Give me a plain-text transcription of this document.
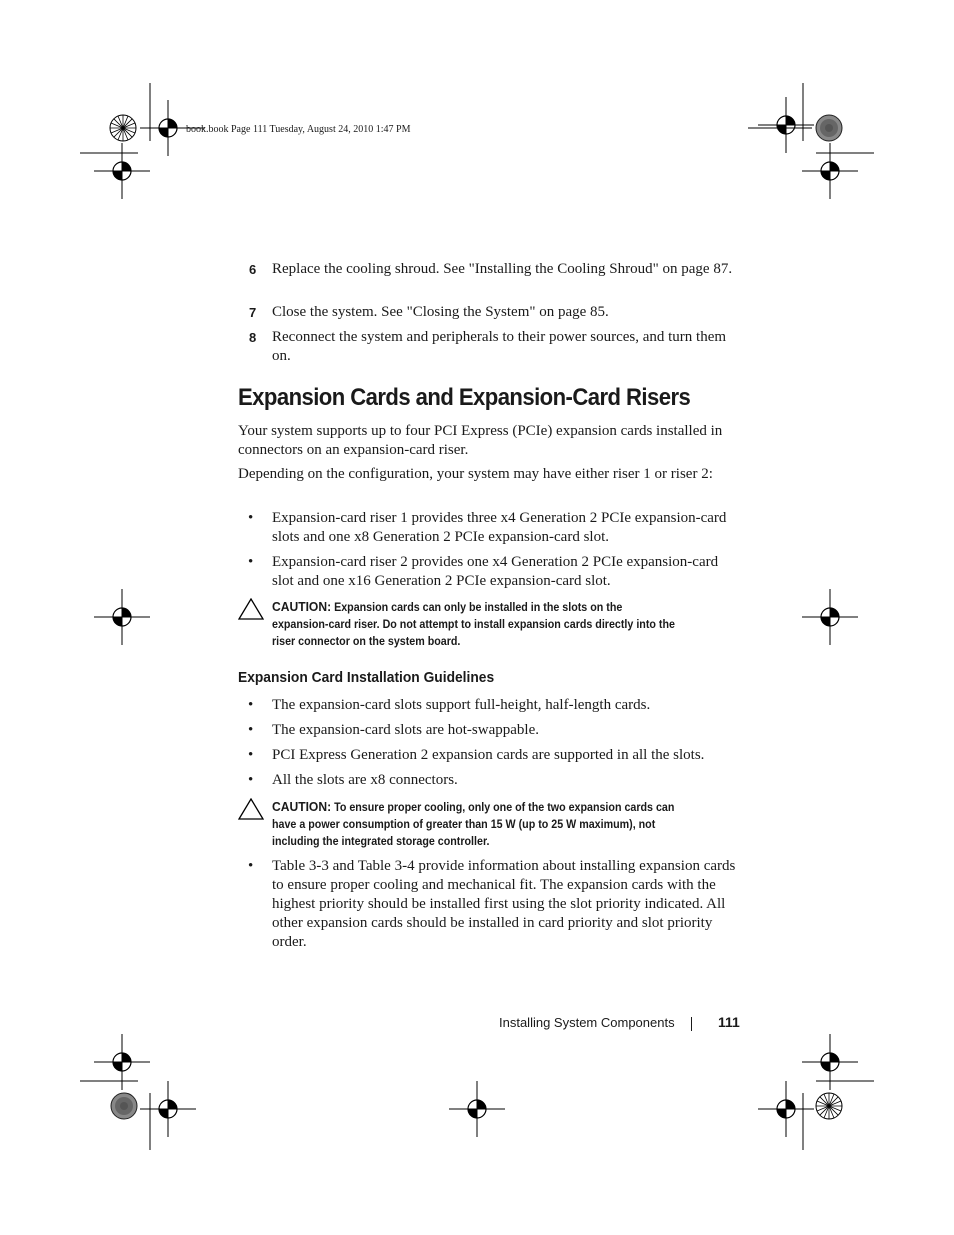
book.book Page 111 Tuesday, August 24, 2010 1:47 PM
6 Replace the cooling shroud. See "Installing the Cooling Shroud" on page 87.
7 Close the system. See "Closing the System" on page 85.
8 Reconnect the system and peripherals to their power sources, and turn them on.
Expansion Cards and Expansion-Card Risers
Your system supports up to four PCI Express (PCIe) expansion cards installed in connectors on an expansion-card riser.
Depending on the configuration, your system may have either riser 1 or riser 2:
• Expansion-card riser 1 provides three x4 Generation 2 PCIe expansion-card slots and one x8 Generation 2 PCIe expansion-card slot.
• Expansion-card riser 2 provides one x4 Generation 2 PCIe expansion-card slot and one x16 Generation 2 PCIe expansion-card slot.
CAUTION: Expansion cards can only be installed in the slots on the expansion-card riser. Do not attempt to install expansion cards directly into the riser connector on the system board.
Expansion Card Installation Guidelines
• The expansion-card slots support full-height, half-length cards.
• The expansion-card slots are hot-swappable.
• PCI Express Generation 2 expansion cards are supported in all the slots.
• All the slots are x8 connectors.
CAUTION: To ensure proper cooling, only one of the two expansion cards can have a power consumption of greater than 15 W (up to 25 W maximum), not including the integrated storage controller.
• Table 3-3 and Table 3-4 provide information about installing expansion cards to ensure proper cooling and mechanical fit. The expansion cards with the highest priority should be installed first using the slot priority indicated. All other expansion cards should be installed in card priority and slot priority order.
Installing System Components	111
